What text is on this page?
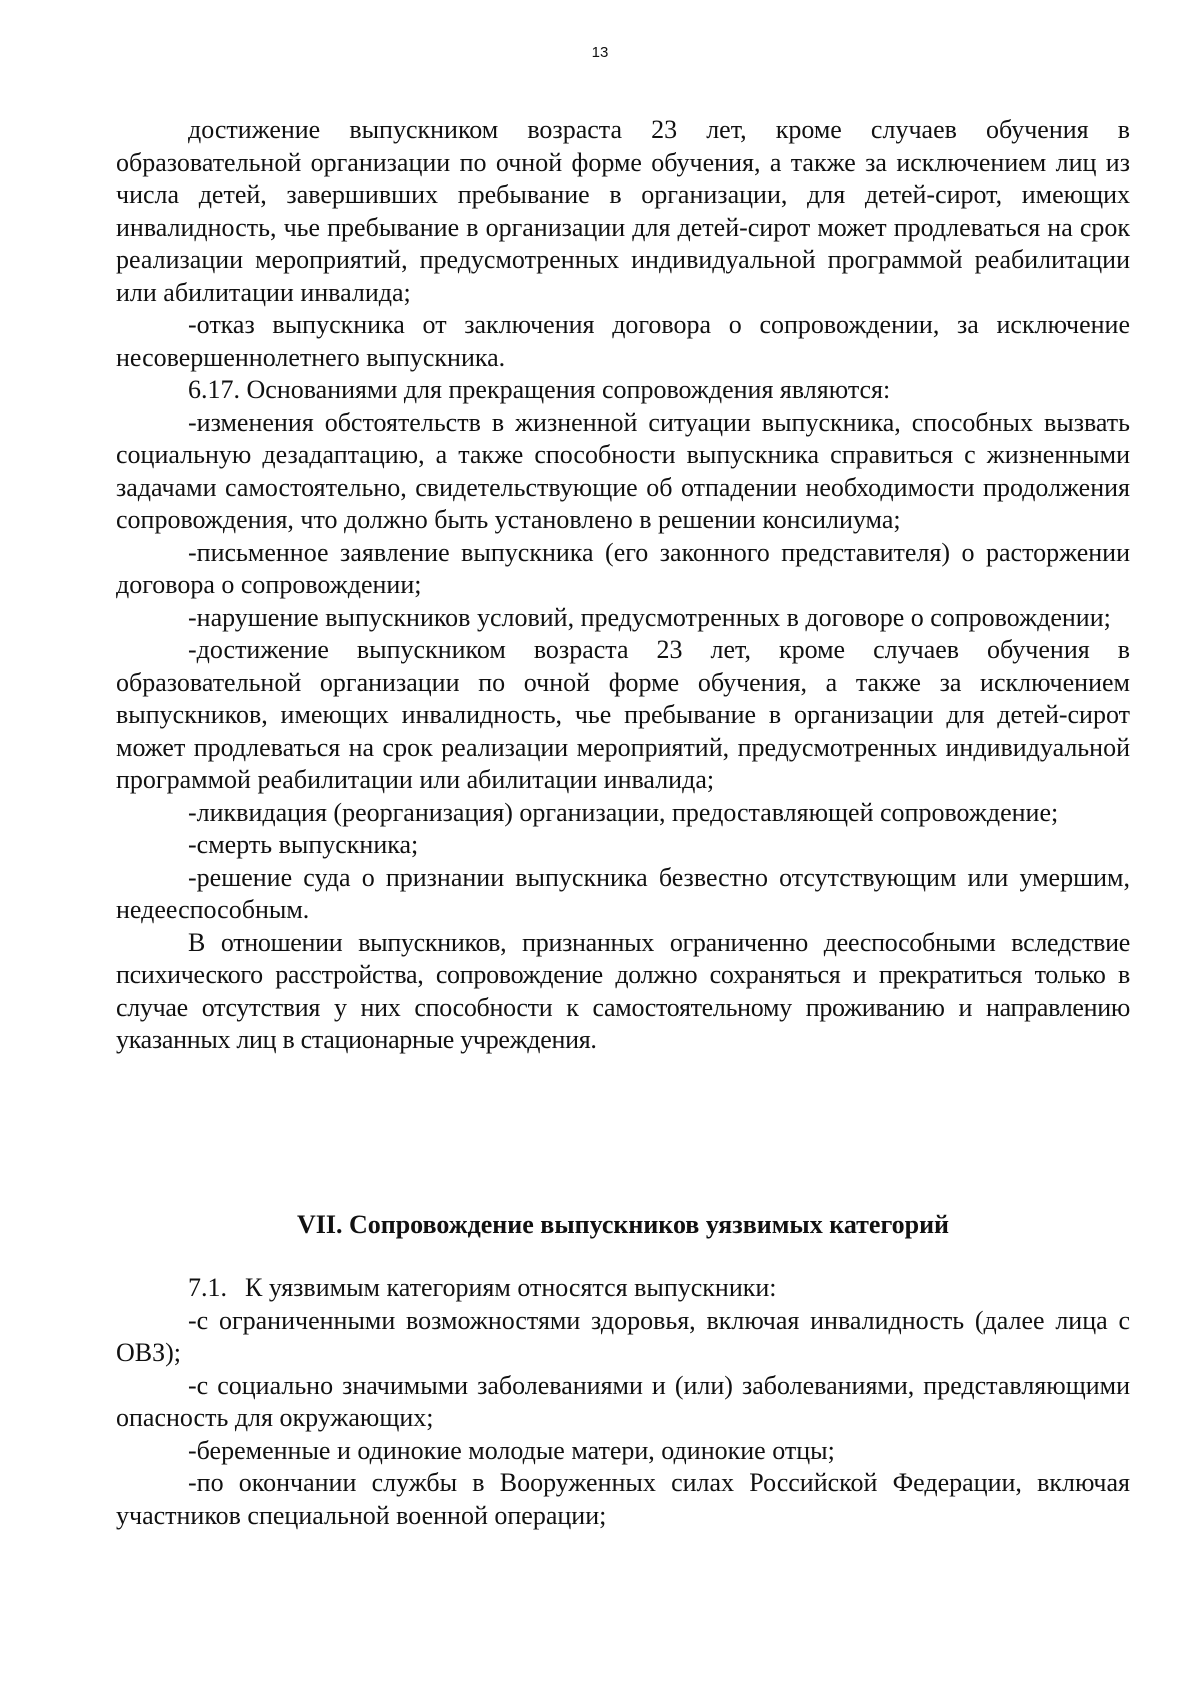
13

достижение выпускником возраста 23 лет, кроме случаев обучения в образовательной организации по очной форме обучения, а также за исключением лиц из числа детей, завершивших пребывание в организации, для детей-сирот, имеющих инвалидность, чье пребывание в организации для детей-сирот может продлеваться на срок реализации мероприятий, предусмотренных индивидуальной программой реабилитации или абилитации инвалида;

-отказ выпускника от заключения договора о сопровождении, за исключение несовершеннолетнего выпускника.

6.17. Основаниями для прекращения сопровождения являются:

-изменения обстоятельств в жизненной ситуации выпускника, способных вызвать социальную дезадаптацию, а также способности выпускника справиться с жизненными задачами самостоятельно, свидетельствующие об отпадении необходимости продолжения сопровождения, что должно быть установлено в решении консилиума;

-письменное заявление выпускника (его законного представителя) о расторжении договора о сопровождении;

-нарушение выпускников условий, предусмотренных в договоре о сопровождении;

-достижение выпускником возраста 23 лет, кроме случаев обучения в образовательной организации по очной форме обучения, а также за исключением выпускников, имеющих инвалидность, чье пребывание в организации для детей-сирот может продлеваться на срок реализации мероприятий, предусмотренных индивидуальной программой реабилитации или абилитации инвалида;

-ликвидация (реорганизация) организации, предоставляющей сопровождение;

-смерть выпускника;

-решение суда о признании выпускника безвестно отсутствующим или умершим, недееспособным.

В отношении выпускников, признанных ограниченно дееспособными вследствие психического расстройства, сопровождение должно сохраняться и прекратиться только в случае отсутствия у них способности к самостоятельному проживанию и направлению указанных лиц в стационарные учреждения.

VII. Сопровождение выпускников уязвимых категорий

7.1. К уязвимым категориям относятся выпускники:

-с ограниченными возможностями здоровья, включая инвалидность (далее лица с ОВЗ);

-с социально значимыми заболеваниями и (или) заболеваниями, представляющими опасность для окружающих;

-беременные и одинокие молодые матери, одинокие отцы;

-по окончании службы в Вооруженных силах Российской Федерации, включая участников специальной военной операции;
